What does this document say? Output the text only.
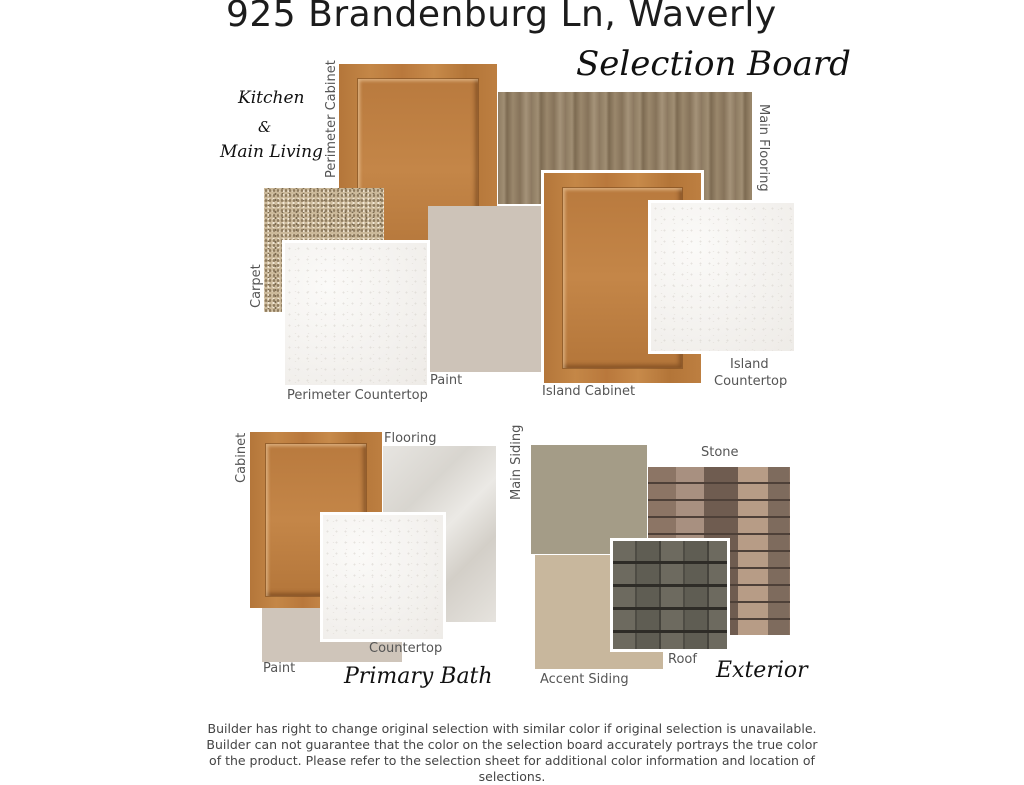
925 Brandenburg Ln, Waverly
Selection Board
Kitchen
&
Main Living Perimeter Cabinet	Main Flooring
Carpet
Perimeter Countertop
Paint
Island Cabinet
Island
Countertop
Cabinet	Flooring
Countertop
Paint Primary Bath
Main Siding	Stone
Roof
Accent Siding	Exterior
Builder has right to change original selection with similar color if original selection is unavailable. Builder can not guarantee that the color on the selection board accurately portrays the true color of the product. Please refer to the selection sheet for additional color information and location of selections.
